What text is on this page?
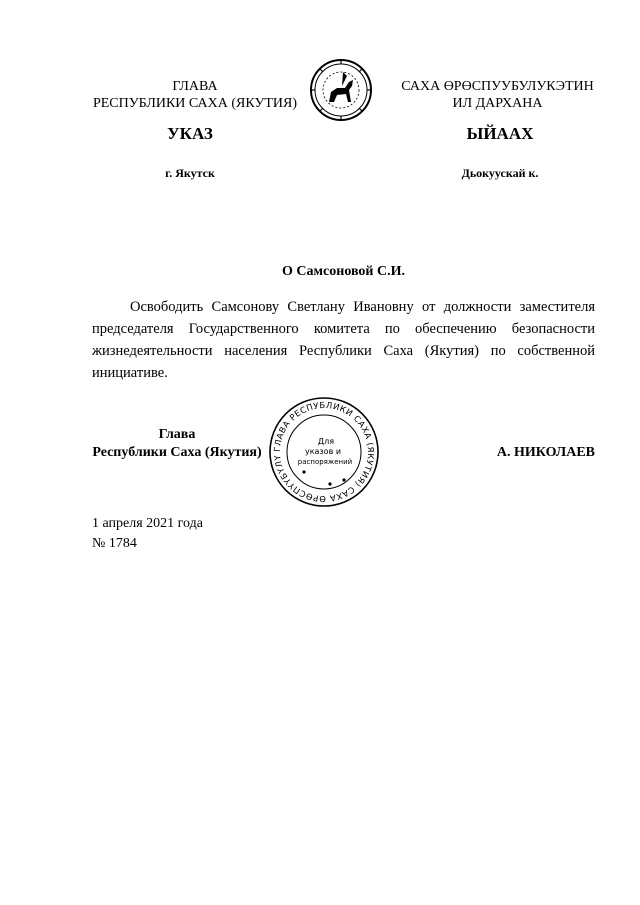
ГЛАВА
РЕСПУБЛИКИ САХА (ЯКУТИЯ)
САХА ӨРӨСПУУБУЛУКЭТИН
ИЛ ДАРХАНА
УКАЗ	ЫЙААХ
г. Якутск	Дьокуускай к.
О Самсоновой С.И.
Освободить Самсонову Светлану Ивановну от должности заместителя председателя Государственного комитета по обеспечению безопасности жизнедеятельности населения Республики Саха (Якутия) по собственной инициативе.
Глава
Республики Саха (Якутия)	ГЛАВА РЕСПУБЛИКИ САХА (ЯКУТИЯ) САХА ӨРӨСПҮҮБҮЛҮ
Для
указов и
распоряжений
А. НИКОЛАЕВ
1 апреля 2021 года
№ 1784
